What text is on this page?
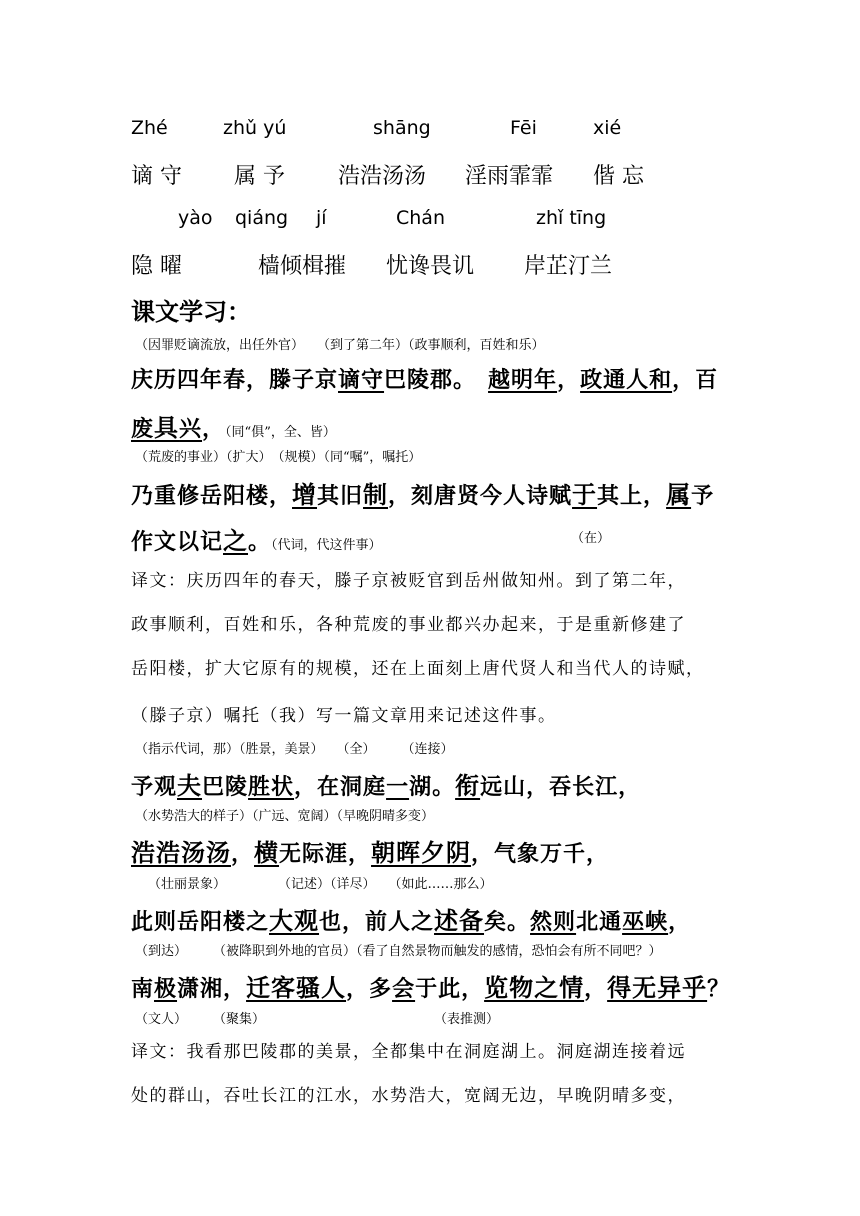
Zhé	zhǔ yú	shāng	Fēi	xié
谪 守 属 予 浩浩汤汤 淫雨霏霏 偕 忘
yào qiáng jí	Chán	zhǐ tīng
隐 曜	樯倾楫摧 忧谗畏讥 岸芷汀兰
课文学习：
（因罪贬谪流放，出任外官）　　（到了第二年）（政事顺利，百姓和乐）
庆历四年春，滕子京谪守巴陵郡。　越明年，政通人和，百
废具兴，（同“俱”，全、皆）
（荒废的事业）（扩大）　（规模）（同“嘱”，嘱托）
乃重修岳阳楼，增其旧制，刻唐贤今人诗赋于其上，属予
作文以记之。（代词，代这件事）	（在）
译文：庆历四年的春天，滕子京被贬官到岳州做知州。到了第二年，
政事顺利，百姓和乐，各种荒废的事业都兴办起来，于是重新修建了
岳阳楼，扩大它原有的规模，还在上面刻上唐代贤人和当代人的诗赋，
（滕子京）嘱托（我）写一篇文章用来记述这件事。
（指示代词，那）（胜景，美景）　　（全）　　　（连接）
予观夫巴陵胜状，在洞庭一湖。衔远山，吞长江，
（水势浩大的样子）（广远、宽阔）（早晚阴晴多变）
浩浩汤汤，横无际涯，朝晖夕阴，气象万千，
（壮丽景象）　　　　　（记述）（详尽）　　（如此……那么）
此则岳阳楼之大观也，前人之述备矣。然则北通巫峡，
（到达）　　　（被降职到外地的官员）（看了自然景物而触发的感情，恐怕会有所不同吧？）
南极潇湘，迁客骚人，多会于此，览物之情，得无异乎？
（文人）　　　（聚集）　　　　　　　　　　　　　　（表推测）
译文：我看那巴陵郡的美景，全都集中在洞庭湖上。洞庭湖连接着远
处的群山，吞吐长江的江水，水势浩大，宽阔无边，早晚阴晴多变，
